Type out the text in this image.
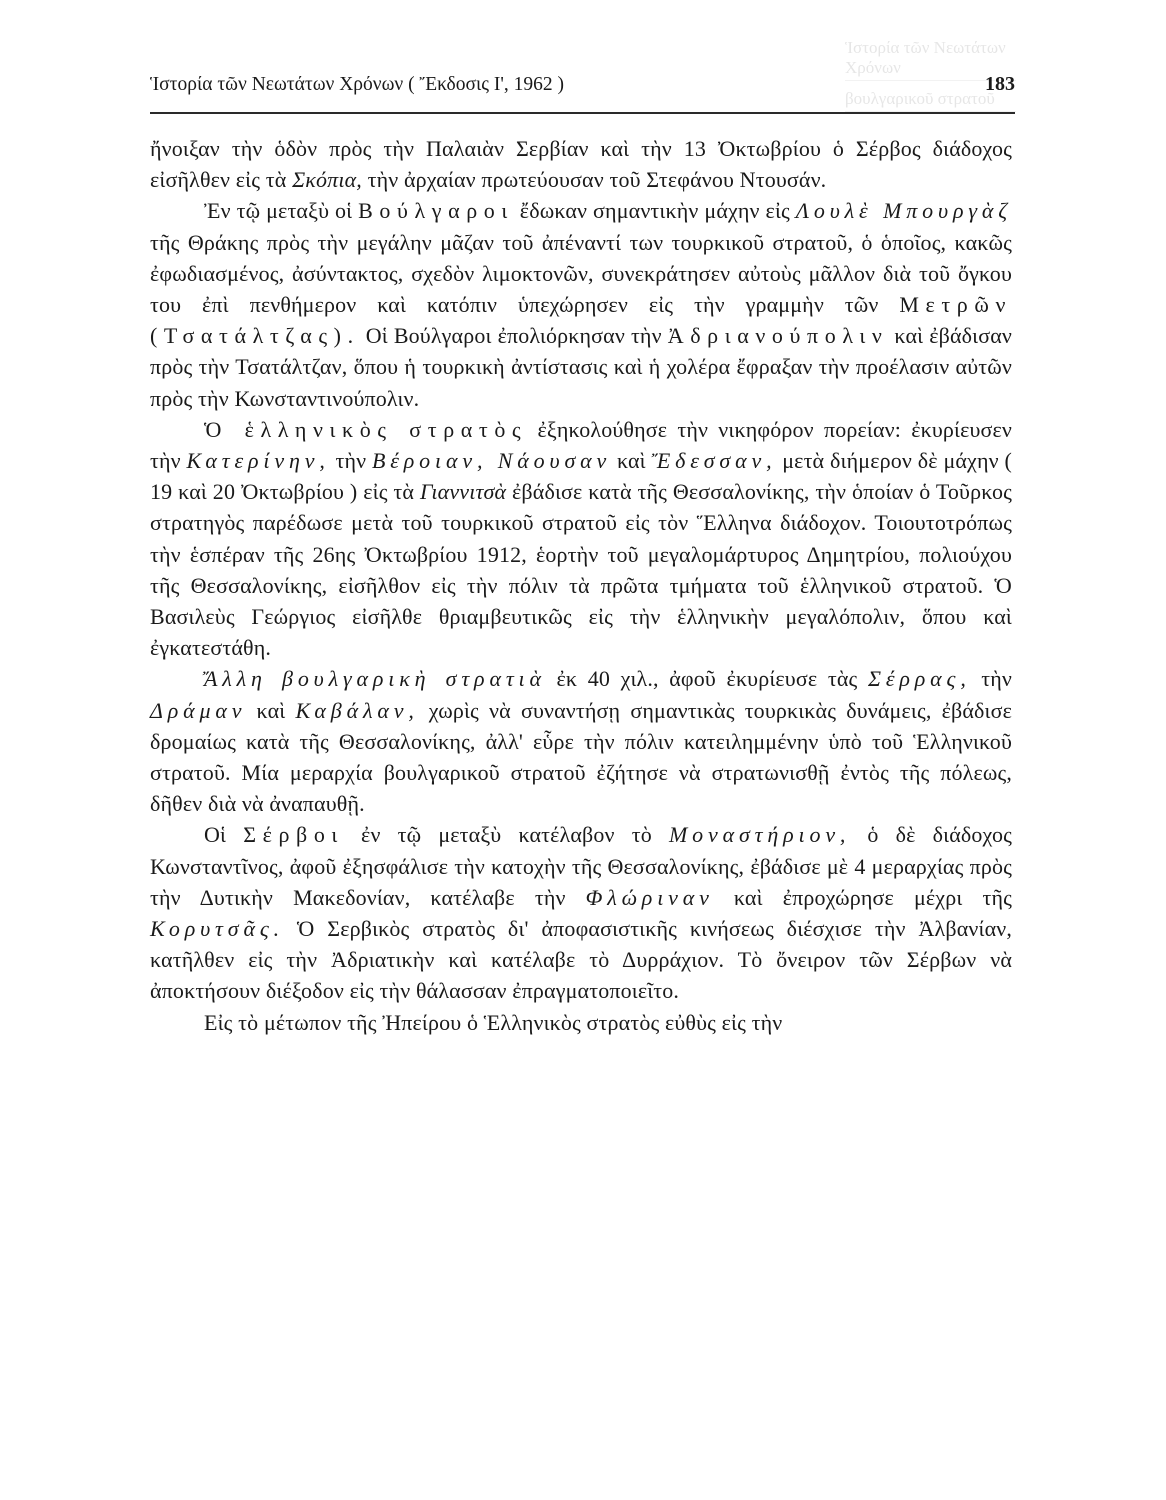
Ἱστορία τῶν Νεωτάτων Χρόνων
βουλγαρικοῦ στρατοῦ
Ἱστορία τῶν Νεωτάτων Χρόνων ( Ἔκδοσις Ι', 1962 )	183

ἤνοιξαν τὴν ὁδὸν πρὸς τὴν Παλαιὰν Σερβίαν καὶ τὴν 13 Ὀκτωβρίου ὁ Σέρβος διάδοχος εἰσῆλθεν εἰς τὰ Σκόπια, τὴν ἀρχαίαν πρωτεύουσαν τοῦ Στεφάνου Ντουσάν.

Ἐν τῷ μεταξὺ οἱ Βούλγαροι ἔδωκαν σημαντικὴν μάχην εἰς Λουλὲ Μπουργὰζ τῆς Θράκης πρὸς τὴν μεγάλην μᾶζαν τοῦ ἀπέναντί των τουρκικοῦ στρατοῦ, ὁ ὁποῖος, κακῶς ἐφωδιασμένος, ἀσύντακτος, σχεδὸν λιμοκτονῶν, συνεκράτησεν αὐτοὺς μᾶλλον διὰ τοῦ ὄγκου του ἐπὶ πενθήμερον καὶ κατόπιν ὑπεχώρησεν εἰς τὴν γραμμὴν τῶν Μετρῶν (Τσατάλτζας). Οἱ Βούλγαροι ἐπολιόρκησαν τὴν Ἀδριανούπολιν καὶ ἐβάδισαν πρὸς τὴν Τσατάλτζαν, ὅπου ἡ τουρκικὴ ἀντίστασις καὶ ἡ χολέρα ἔφραξαν τὴν προέλασιν αὐτῶν πρὸς τὴν Κωνσταντινούπολιν.

Ὁ ἑλληνικὸς στρατὸς ἐξηκολούθησε τὴν νικηφόρον πορείαν: ἐκυρίευσεν τὴν Κατερίνην, τὴν Βέροιαν, Νάουσαν καὶ Ἔδεσσαν, μετὰ διήμερον δὲ μάχην ( 19 καὶ 20 Ὀκτωβρίου ) εἰς τὰ Γιαννιτσὰ ἐβάδισε κατὰ τῆς Θεσσαλονίκης, τὴν ὁποίαν ὁ Τοῦρκος στρατηγὸς παρέδωσε μετὰ τοῦ τουρκικοῦ στρατοῦ εἰς τὸν Ἕλληνα διάδοχον. Τοιουτοτρόπως τὴν ἑσπέραν τῆς 26ης Ὀκτωβρίου 1912, ἑορτὴν τοῦ μεγαλομάρτυρος Δημητρίου, πολιούχου τῆς Θεσσαλονίκης, εἰσῆλθον εἰς τὴν πόλιν τὰ πρῶτα τμήματα τοῦ ἑλληνικοῦ στρατοῦ. Ὁ Βασιλεὺς Γεώργιος εἰσῆλθε θριαμβευτικῶς εἰς τὴν ἑλληνικὴν μεγαλόπολιν, ὅπου καὶ ἐγκατεστάθη.

Ἄλλη βουλγαρικὴ στρατιὰ ἐκ 40 χιλ., ἀφοῦ ἐκυρίευσε τὰς Σέρρας, τὴν Δράμαν καὶ Καβάλαν, χωρὶς νὰ συναντήσῃ σημαντικὰς τουρκικὰς δυνάμεις, ἐβάδισε δρομαίως κατὰ τῆς Θεσσαλονίκης, ἀλλ' εὗρε τὴν πόλιν κατειλημμένην ὑπὸ τοῦ Ἑλληνικοῦ στρατοῦ. Μία μεραρχία βουλγαρικοῦ στρατοῦ ἐζήτησε νὰ στρατωνισθῇ ἐντὸς τῆς πόλεως, δῆθεν διὰ νὰ ἀναπαυθῇ.

Οἱ Σέρβοι ἐν τῷ μεταξὺ κατέλαβον τὸ Μοναστήριον, ὁ δὲ διάδοχος Κωνσταντῖνος, ἀφοῦ ἐξησφάλισε τὴν κατοχὴν τῆς Θεσσαλονίκης, ἐβάδισε μὲ 4 μεραρχίας πρὸς τὴν Δυτικὴν Μακεδονίαν, κατέλαβε τὴν Φλώριναν καὶ ἐπροχώρησε μέχρι τῆς Κορυτσᾶς. Ὁ Σερβικὸς στρατὸς δι' ἀποφασιστικῆς κινήσεως διέσχισε τὴν Ἀλβανίαν, κατῆλθεν εἰς τὴν Ἀδριατικὴν καὶ κατέλαβε τὸ Δυρράχιον. Τὸ ὄνειρον τῶν Σέρβων νὰ ἀποκτήσουν διέξοδον εἰς τὴν θάλασσαν ἐπραγματοποιεῖτο.

Εἰς τὸ μέτωπον τῆς Ἠπείρου ὁ Ἑλληνικὸς στρατὸς εὐθὺς εἰς τὴν
